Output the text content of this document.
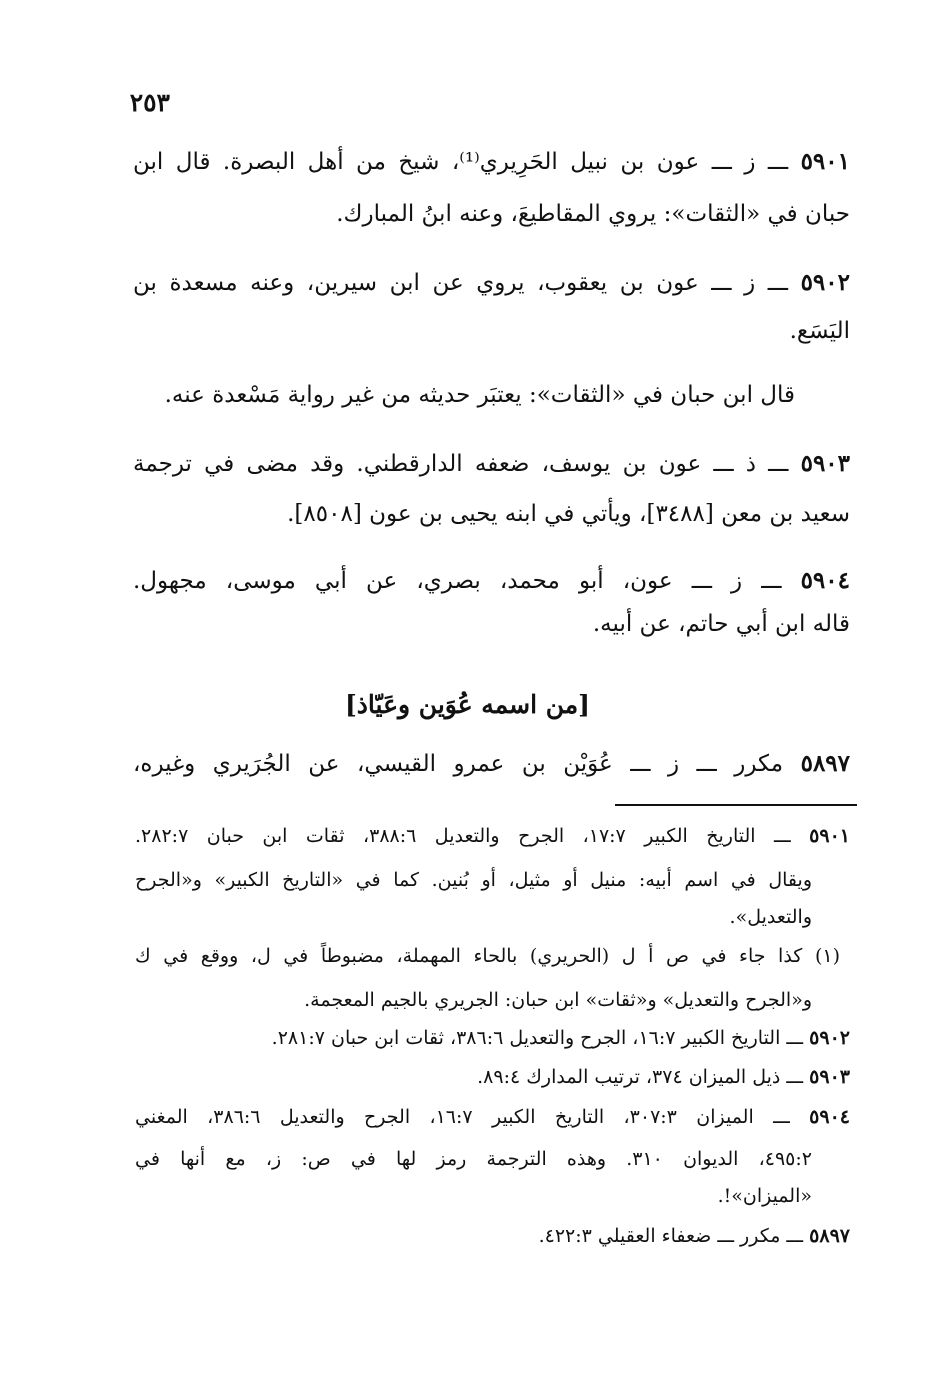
٢٥٣
٥٩٠١ ـــ ز ـــ عون بن نبيل الحَرِيري⁽¹⁾، شيخ من أهل البصرة. قال ابن
حبان في «الثقات»: يروي المقاطيعَ، وعنه ابنُ المبارك.
٥٩٠٢ ـــ ز ـــ عون بن يعقوب، يروي عن ابن سيرين، وعنه مسعدة بن
اليَسَع.
قال ابن حبان في «الثقات»: يعتبَر حديثه من غير رواية مَسْعدة عنه.
٥٩٠٣ ـــ ذ ـــ عون بن يوسف، ضعفه الدارقطني. وقد مضى في ترجمة
سعيد بن معن [٣٤٨٨]، ويأتي في ابنه يحيى بن عون [٨٥٠٨].
٥٩٠٤ ـــ ز ـــ عون، أبو محمد، بصري، عن أبي موسى، مجهول.
قاله ابن أبي حاتم، عن أبيه.
[من اسمه عُوَين وعَيّاذ]
٥٨٩٧ مكرر ـــ ز ـــ عُوَيْن بن عمرو القيسي، عن الجُرَيري وغيره،
٥٩٠١ ـــ التاريخ الكبير ١٧:٧، الجرح والتعديل ٣٨٨:٦، ثقات ابن حبان ٢٨٢:٧.
ويقال في اسم أبيه: منيل أو مثيل، أو بُنين. كما في «التاريخ الكبير» و«الجرح
والتعديل».
(١) كذا جاء في ص أ ل (الحريري) بالحاء المهملة، مضبوطاً في ل، ووقع في ك
و«الجرح والتعديل» و«ثقات» ابن حبان: الجريري بالجيم المعجمة.
٥٩٠٢ ـــ التاريخ الكبير ١٦:٧، الجرح والتعديل ٣٨٦:٦، ثقات ابن حبان ٢٨١:٧.
٥٩٠٣ ـــ ذيل الميزان ٣٧٤، ترتيب المدارك ٨٩:٤.
٥٩٠٤ ـــ الميزان ٣٠٧:٣، التاريخ الكبير ١٦:٧، الجرح والتعديل ٣٨٦:٦، المغني
٤٩٥:٢، الديوان ٣١٠. وهذه الترجمة رمز لها في ص: ز، مع أنها في
«الميزان»!.
٥٨٩٧ ـــ مكرر ـــ ضعفاء العقيلي ٤٢٢:٣.
